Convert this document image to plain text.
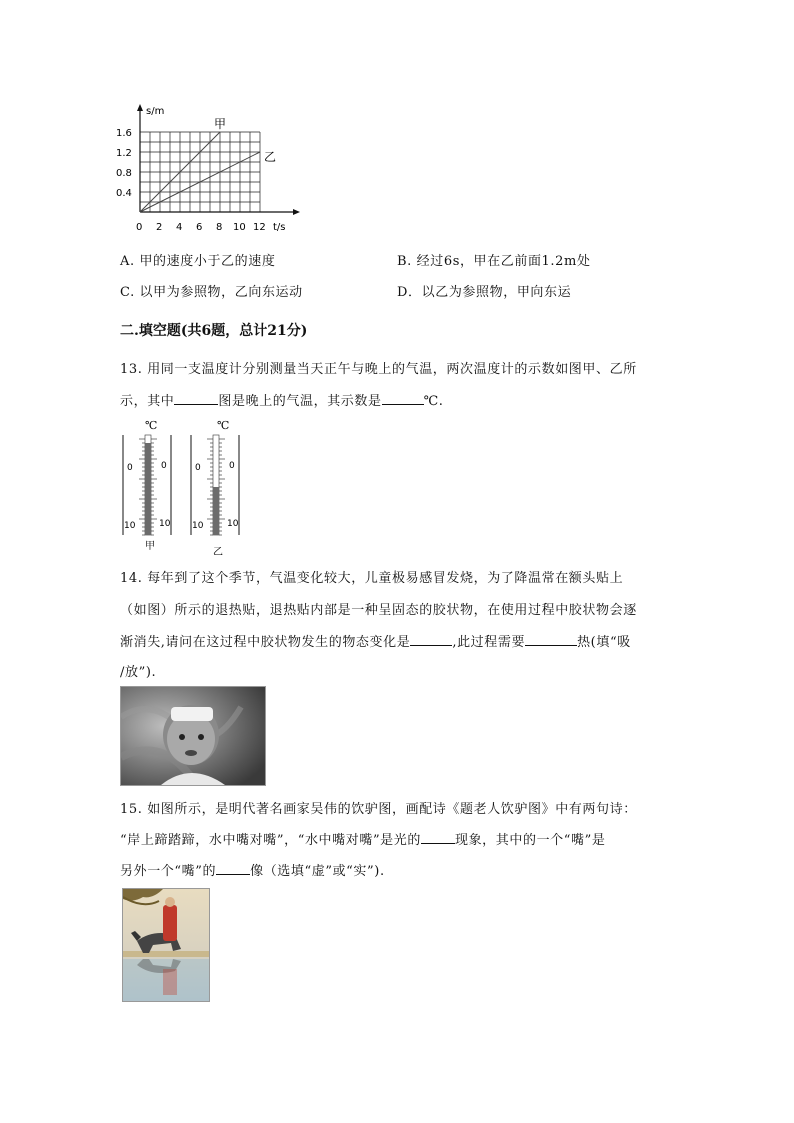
s/m
t/s
1.6
1.2
0.8
0.4
0 2 4 6 8 10 12
甲
乙
A. 甲的速度小于乙的速度	B. 经过6s，甲在乙前面1.2m处
C. 以甲为参照物，乙向东运动	D．以乙为参照物，甲向东运
二.填空题(共6题，总计21分)
13. 用同一支温度计分别测量当天正午与晚上的气温，两次温度计的示数如图甲、乙所
示，其中	图是晚上的气温，其示数是	℃.
℃
0	0
10	10
甲
℃
0	0
10	10
乙
14. 每年到了这个季节，气温变化较大，儿童极易感冒发烧，为了降温常在额头贴上
（如图）所示的退热贴，退热贴内部是一种呈固态的胶状物，在使用过程中胶状物会逐
渐消失,请问在这过程中胶状物发生的物态变化是	,此过程需要	热(填“吸
/放”).
15. 如图所示，是明代著名画家吴伟的饮驴图，画配诗《题老人饮驴图》中有两句诗：
“岸上蹄踏蹄，水中嘴对嘴”，“水中嘴对嘴”是光的	现象，其中的一个“嘴”是
另外一个“嘴”的	像（选填“虚”或“实”).
